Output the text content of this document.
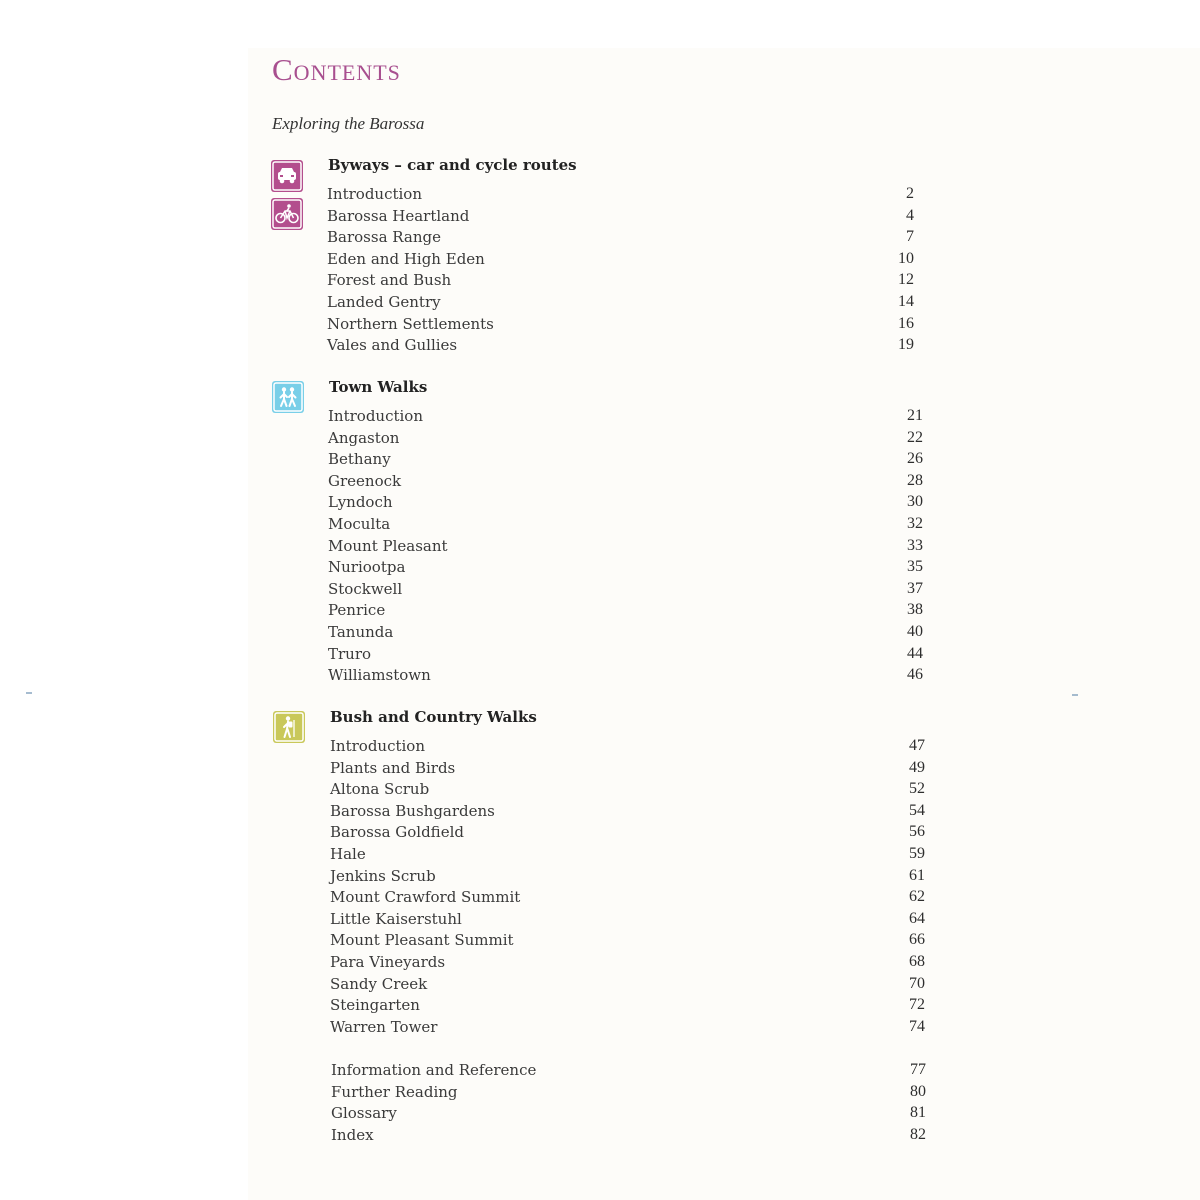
Contents
Exploring the Barossa
Byways – car and cycle routes
Introduction	2
Barossa Heartland	4
Barossa Range	7
Eden and High Eden	10
Forest and Bush	12
Landed Gentry	14
Northern Settlements	16
Vales and Gullies	19
Town Walks
Introduction	21
Angaston	22
Bethany	26
Greenock	28
Lyndoch	30
Moculta	32
Mount Pleasant	33
Nuriootpa	35
Stockwell	37
Penrice	38
Tanunda	40
Truro	44
Williamstown	46
Bush and Country Walks
Introduction	47
Plants and Birds	49
Altona Scrub	52
Barossa Bushgardens	54
Barossa Goldfield	56
Hale	59
Jenkins Scrub	61
Mount Crawford Summit	62
Little Kaiserstuhl	64
Mount Pleasant Summit	66
Para Vineyards	68
Sandy Creek	70
Steingarten	72
Warren Tower	74
Information and Reference	77
Further Reading	80
Glossary	81
Index	82
